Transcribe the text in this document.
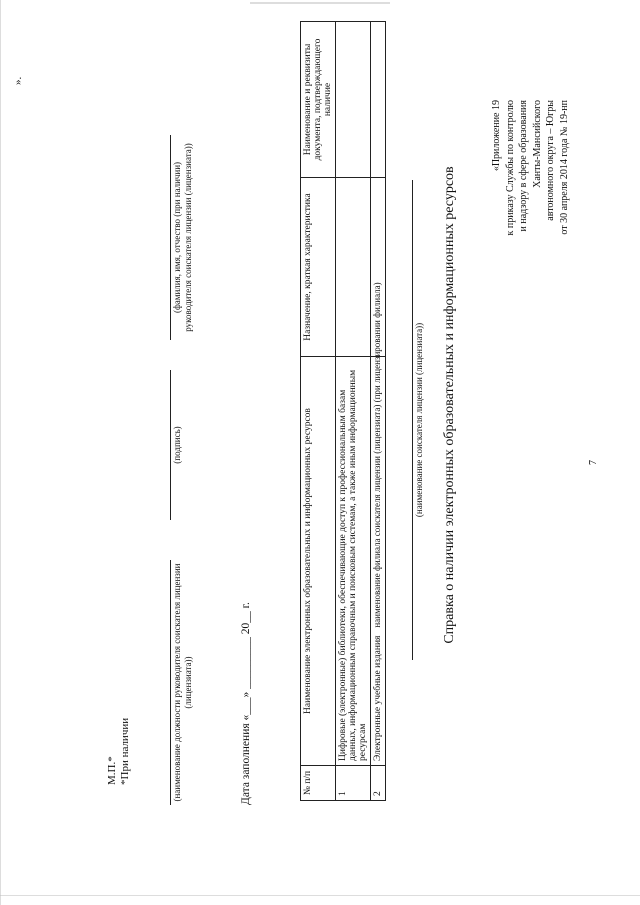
7
«Приложение 19 к приказу Службы по контролю и надзору в сфере образования Ханты-Мансийского автономного округа – Югры от 30 апреля 2014 года № 19-нп
Справка о наличии электронных образовательных и информационных ресурсов
(наименование соискателя лицензии (лицензиата))
наименование филиала соискателя лицензии (лицензиата) (при лицензировании филиала)
№ п/п	Наименование электронных образовательных и информационных ресурсов	Назначение, краткая характеристика	Наименование и реквизиты документа, подтверждающего наличие
1	Цифровые (электронные) библиотеки, обеспечивающие доступ к профессиональным базам данных, информационным справочным и поисковым системам, а также иным информационным ресурсам		
2	Электронные учебные издания		
Дата заполнения «___» _________ 20__ г.
(наименование должности руководителя соискателя лицензии (лицензиата))
(подпись)
(фамилия, имя, отчество (при наличии) руководителя соискателя лицензии (лицензиата))
М.П.* *При наличии
».
